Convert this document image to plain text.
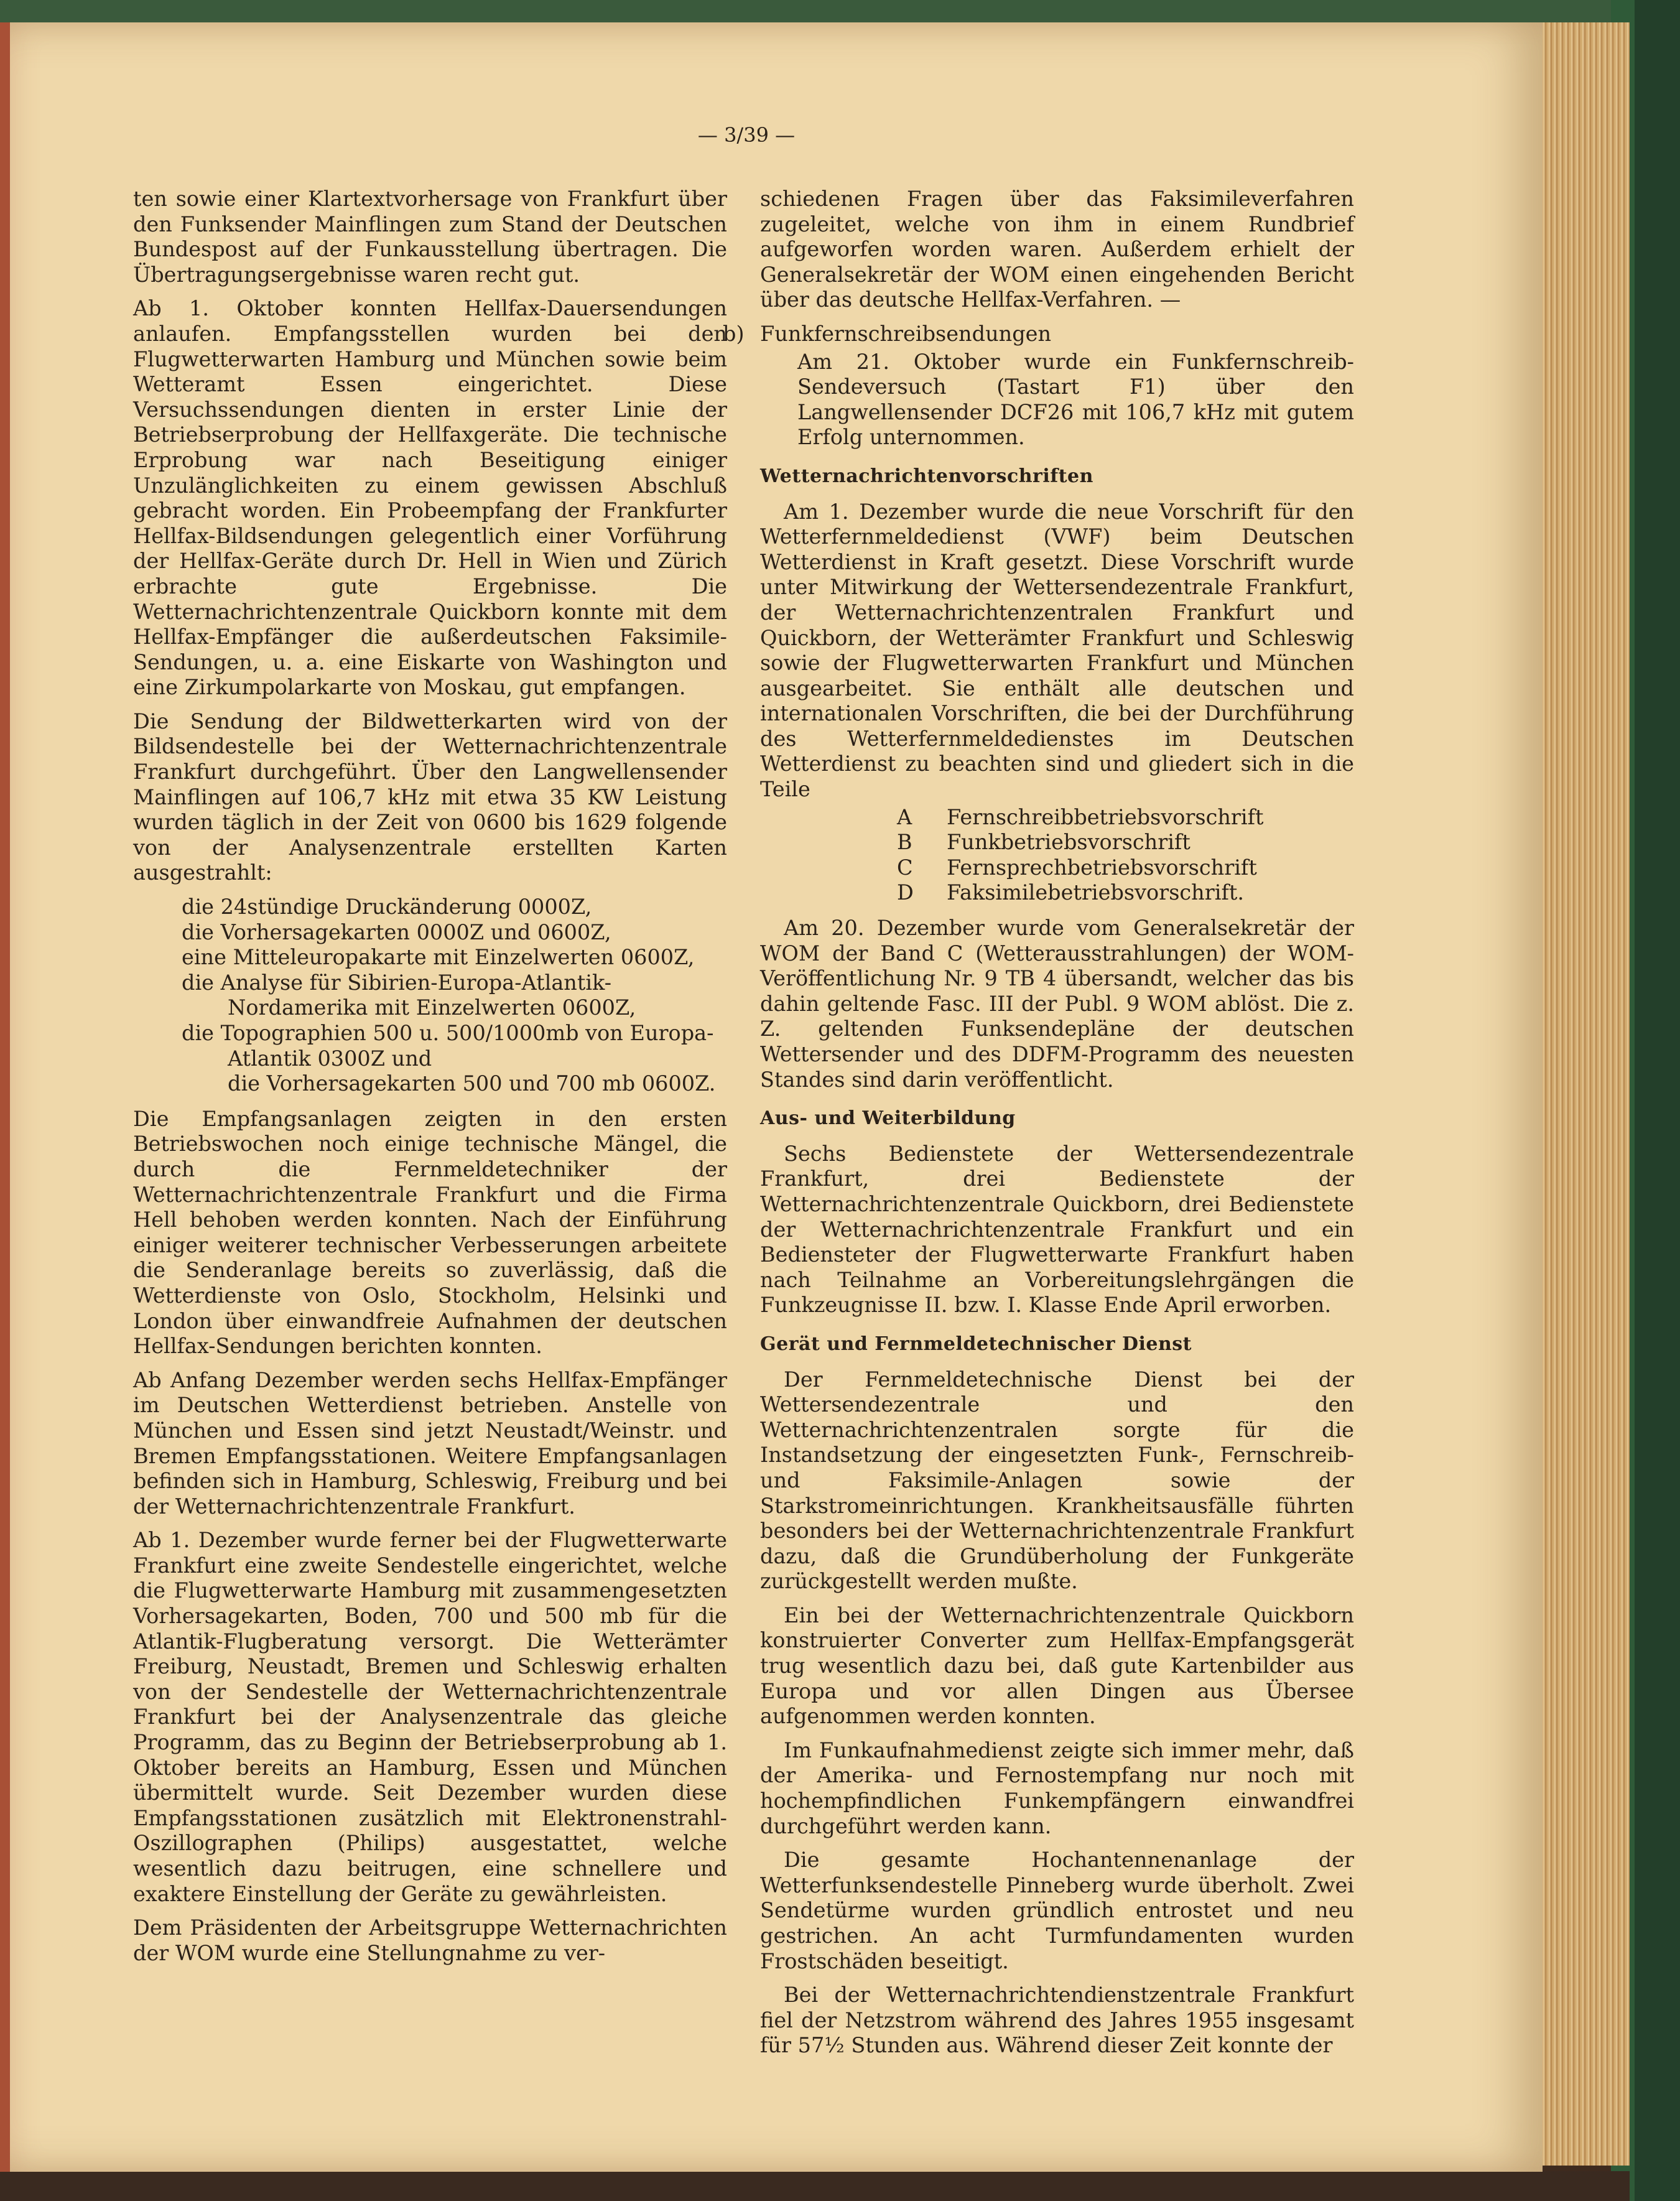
— 3/39 —

ten sowie einer Klartextvorhersage von Frankfurt über den Funksender Mainflingen zum Stand der Deutschen Bundespost auf der Funkausstellung übertragen. Die Übertragungsergebnisse waren recht gut.

Ab 1. Oktober konnten Hellfax-Dauersendungen anlaufen. Empfangsstellen wurden bei den Flugwetterwarten Hamburg und München sowie beim Wetteramt Essen eingerichtet. Diese Versuchssendungen dienten in erster Linie der Betriebserprobung der Hellfaxgeräte. Die technische Erprobung war nach Beseitigung einiger Unzulänglichkeiten zu einem gewissen Abschluß gebracht worden. Ein Probeempfang der Frankfurter Hellfax-Bildsendungen gelegentlich einer Vorführung der Hellfax-Geräte durch Dr. Hell in Wien und Zürich erbrachte gute Ergebnisse. Die Wetternachrichtenzentrale Quickborn konnte mit dem Hellfax-Empfänger die außerdeutschen Faksimile-Sendungen, u. a. eine Eiskarte von Washington und eine Zirkumpolarkarte von Moskau, gut empfangen.

Die Sendung der Bildwetterkarten wird von der Bildsendestelle bei der Wetternachrichtenzentrale Frankfurt durchgeführt. Über den Langwellensender Mainflingen auf 106,7 kHz mit etwa 35 KW Leistung wurden täglich in der Zeit von 0600 bis 1629 folgende von der Analysenzentrale erstellten Karten ausgestrahlt:

die 24stündige Druckänderung 0000Z,
die Vorhersagekarten 0000Z und 0600Z,
eine Mitteleuropakarte mit Einzelwerten 0600Z,
die Analyse für Sibirien-Europa-Atlantik-Nordamerika mit Einzelwerten 0600Z,
die Topographien 500 u. 500/1000mb von Europa-Atlantik 0300Z und
die Vorhersagekarten 500 und 700 mb 0600Z.

Die Empfangsanlagen zeigten in den ersten Betriebswochen noch einige technische Mängel, die durch die Fernmeldetechniker der Wetternachrichtenzentrale Frankfurt und die Firma Hell behoben werden konnten. Nach der Einführung einiger weiterer technischer Verbesserungen arbeitete die Senderanlage bereits so zuverlässig, daß die Wetterdienste von Oslo, Stockholm, Helsinki und London über einwandfreie Aufnahmen der deutschen Hellfax-Sendungen berichten konnten.

Ab Anfang Dezember werden sechs Hellfax-Empfänger im Deutschen Wetterdienst betrieben. Anstelle von München und Essen sind jetzt Neustadt/Weinstr. und Bremen Empfangsstationen. Weitere Empfangsanlagen befinden sich in Hamburg, Schleswig, Freiburg und bei der Wetternachrichtenzentrale Frankfurt.

Ab 1. Dezember wurde ferner bei der Flugwetterwarte Frankfurt eine zweite Sendestelle eingerichtet, welche die Flugwetterwarte Hamburg mit zusammengesetzten Vorhersagekarten, Boden, 700 und 500 mb für die Atlantik-Flugberatung versorgt. Die Wetterämter Freiburg, Neustadt, Bremen und Schleswig erhalten von der Sendestelle der Wetternachrichtenzentrale Frankfurt bei der Analysenzentrale das gleiche Programm, das zu Beginn der Betriebserprobung ab 1. Oktober bereits an Hamburg, Essen und München übermittelt wurde. Seit Dezember wurden diese Empfangsstationen zusätzlich mit Elektronenstrahl-Oszillographen (Philips) ausgestattet, welche wesentlich dazu beitrugen, eine schnellere und exaktere Einstellung der Geräte zu gewährleisten.

Dem Präsidenten der Arbeitsgruppe Wetternachrichten der WOM wurde eine Stellungnahme zu ver-

schiedenen Fragen über das Faksimileverfahren zugeleitet, welche von ihm in einem Rundbrief aufgeworfen worden waren. Außerdem erhielt der Generalsekretär der WOM einen eingehenden Bericht über das deutsche Hellfax-Verfahren. —

b) Funkfernschreibsendungen

Am 21. Oktober wurde ein Funkfernschreib-Sendeversuch (Tastart F1) über den Langwellensender DCF26 mit 106,7 kHz mit gutem Erfolg unternommen.

Wetternachrichtenvorschriften

Am 1. Dezember wurde die neue Vorschrift für den Wetterfernmeldedienst (VWF) beim Deutschen Wetterdienst in Kraft gesetzt. Diese Vorschrift wurde unter Mitwirkung der Wettersendezentrale Frankfurt, der Wetternachrichtenzentralen Frankfurt und Quickborn, der Wetterämter Frankfurt und Schleswig sowie der Flugwetterwarten Frankfurt und München ausgearbeitet. Sie enthält alle deutschen und internationalen Vorschriften, die bei der Durchführung des Wetterfernmeldedienstes im Deutschen Wetterdienst zu beachten sind und gliedert sich in die Teile

A	Fernschreibbetriebsvorschrift
B	Funkbetriebsvorschrift
C	Fernsprechbetriebsvorschrift
D	Faksimilebetriebsvorschrift.

Am 20. Dezember wurde vom Generalsekretär der WOM der Band C (Wetterausstrahlungen) der WOM-Veröffentlichung Nr. 9 TB 4 übersandt, welcher das bis dahin geltende Fasc. III der Publ. 9 WOM ablöst. Die z. Z. geltenden Funksendepläne der deutschen Wettersender und des DDFM-Programm des neuesten Standes sind darin veröffentlicht.

Aus- und Weiterbildung

Sechs Bedienstete der Wettersendezentrale Frankfurt, drei Bedienstete der Wetternachrichtenzentrale Quickborn, drei Bedienstete der Wetternachrichtenzentrale Frankfurt und ein Bediensteter der Flugwetterwarte Frankfurt haben nach Teilnahme an Vorbereitungslehrgängen die Funkzeugnisse II. bzw. I. Klasse Ende April erworben.

Gerät und Fernmeldetechnischer Dienst

Der Fernmeldetechnische Dienst bei der Wettersendezentrale und den Wetternachrichtenzentralen sorgte für die Instandsetzung der eingesetzten Funk-, Fernschreib- und Faksimile-Anlagen sowie der Starkstromeinrichtungen. Krankheitsausfälle führten besonders bei der Wetternachrichtenzentrale Frankfurt dazu, daß die Grundüberholung der Funkgeräte zurückgestellt werden mußte.

Ein bei der Wetternachrichtenzentrale Quickborn konstruierter Converter zum Hellfax-Empfangsgerät trug wesentlich dazu bei, daß gute Kartenbilder aus Europa und vor allen Dingen aus Übersee aufgenommen werden konnten.

Im Funkaufnahmedienst zeigte sich immer mehr, daß der Amerika- und Fernostempfang nur noch mit hochempfindlichen Funkempfängern einwandfrei durchgeführt werden kann.

Die gesamte Hochantennenanlage der Wetterfunksendestelle Pinneberg wurde überholt. Zwei Sendetürme wurden gründlich entrostet und neu gestrichen. An acht Turmfundamenten wurden Frostschäden beseitigt.

Bei der Wetternachrichtendienstzentrale Frankfurt fiel der Netzstrom während des Jahres 1955 insgesamt für 57½ Stunden aus. Während dieser Zeit konnte der
